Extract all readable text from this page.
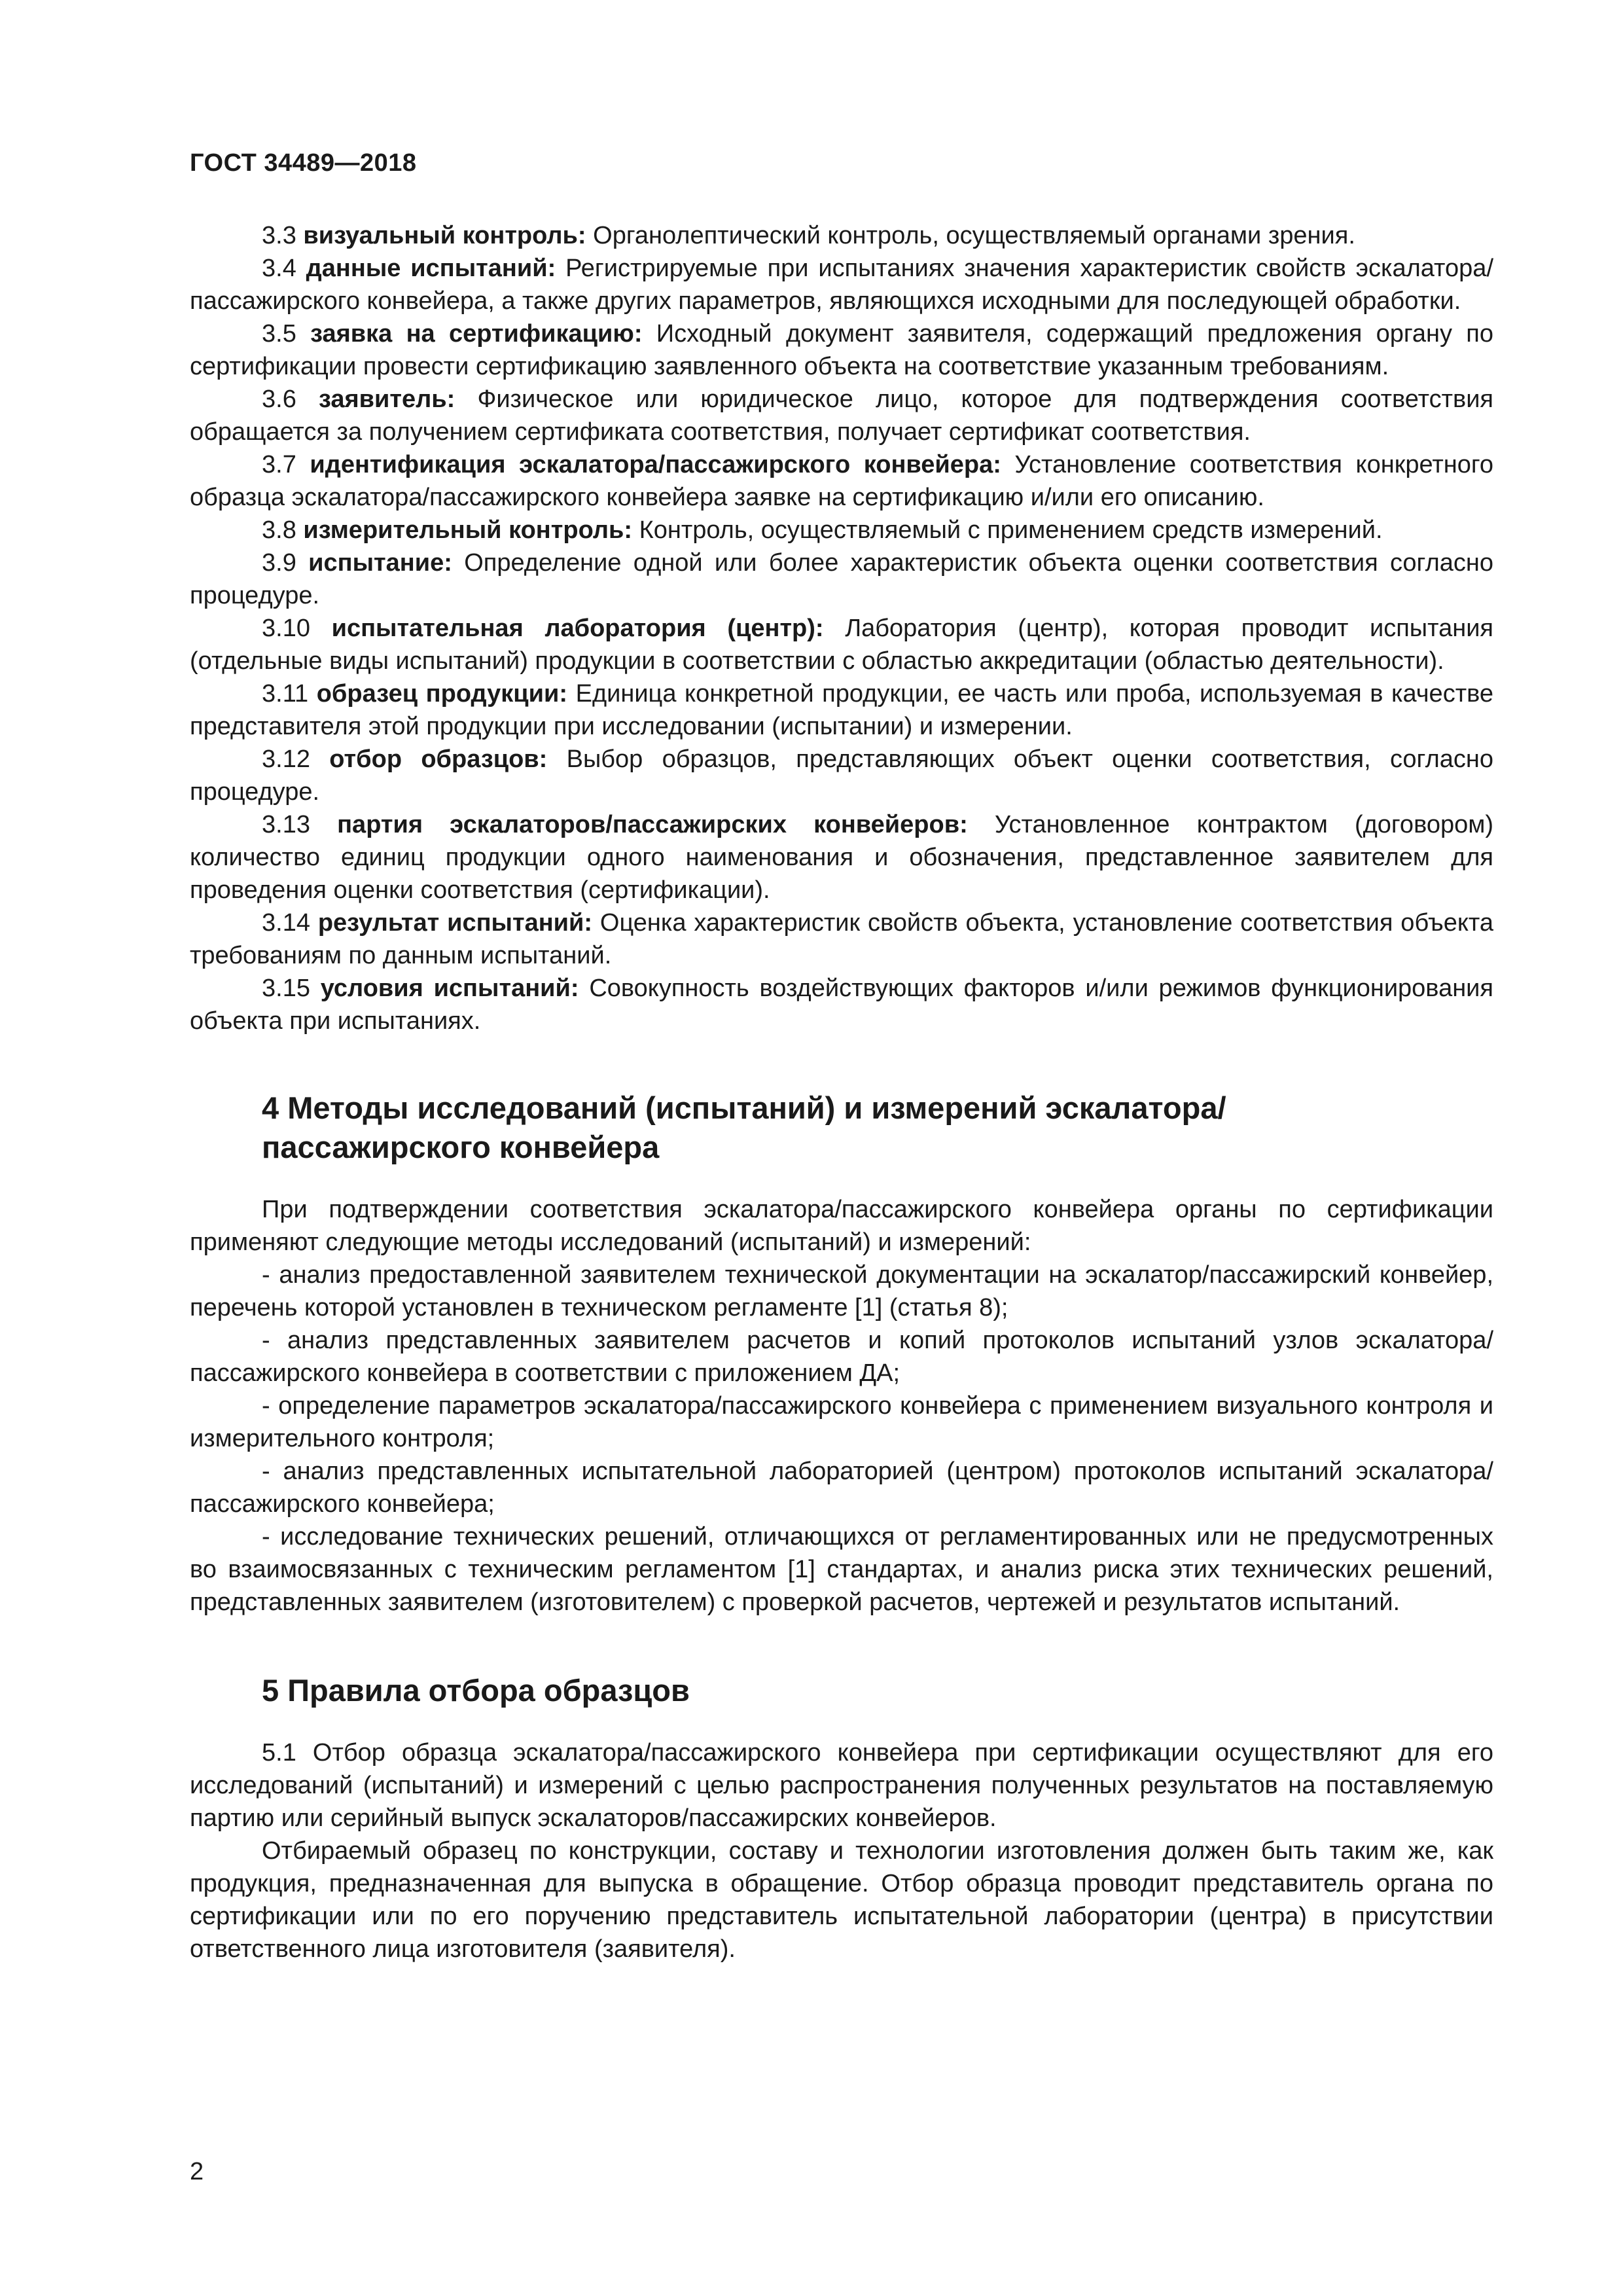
ГОСТ 34489—2018

3.3 визуальный контроль: Органолептический контроль, осуществляемый органами зрения.

3.4 данные испытаний: Регистрируемые при испытаниях значения характеристик свойств эскалатора/пассажирского конвейера, а также других параметров, являющихся исходными для последующей обработки.

3.5 заявка на сертификацию: Исходный документ заявителя, содержащий предложения органу по сертификации провести сертификацию заявленного объекта на соответствие указанным требованиям.

3.6 заявитель: Физическое или юридическое лицо, которое для подтверждения соответствия обращается за получением сертификата соответствия, получает сертификат соответствия.

3.7 идентификация эскалатора/пассажирского конвейера: Установление соответствия конкретного образца эскалатора/пассажирского конвейера заявке на сертификацию и/или его описанию.

3.8 измерительный контроль: Контроль, осуществляемый с применением средств измерений.

3.9 испытание: Определение одной или более характеристик объекта оценки соответствия согласно процедуре.

3.10 испытательная лаборатория (центр): Лаборатория (центр), которая проводит испытания (отдельные виды испытаний) продукции в соответствии с областью аккредитации (областью деятельности).

3.11 образец продукции: Единица конкретной продукции, ее часть или проба, используемая в качестве представителя этой продукции при исследовании (испытании) и измерении.

3.12 отбор образцов: Выбор образцов, представляющих объект оценки соответствия, согласно процедуре.

3.13 партия эскалаторов/пассажирских конвейеров: Установленное контрактом (договором) количество единиц продукции одного наименования и обозначения, представленное заявителем для проведения оценки соответствия (сертификации).

3.14 результат испытаний: Оценка характеристик свойств объекта, установление соответствия объекта требованиям по данным испытаний.

3.15 условия испытаний: Совокупность воздействующих факторов и/или режимов функционирования объекта при испытаниях.

4 Методы исследований (испытаний) и измерений эскалатора/
пассажирского конвейера

При подтверждении соответствия эскалатора/пассажирского конвейера органы по сертификации применяют следующие методы исследований (испытаний) и измерений:

- анализ предоставленной заявителем технической документации на эскалатор/пассажирский конвейер, перечень которой установлен в техническом регламенте [1] (статья 8);

- анализ представленных заявителем расчетов и копий протоколов испытаний узлов эскалатора/пассажирского конвейера в соответствии с приложением ДА;

- определение параметров эскалатора/пассажирского конвейера с применением визуального контроля и измерительного контроля;

- анализ представленных испытательной лабораторией (центром) протоколов испытаний эскалатора/пассажирского конвейера;

- исследование технических решений, отличающихся от регламентированных или не предусмотренных во взаимосвязанных с техническим регламентом [1] стандартах, и анализ риска этих технических решений, представленных заявителем (изготовителем) с проверкой расчетов, чертежей и результатов испытаний.

5 Правила отбора образцов

5.1 Отбор образца эскалатора/пассажирского конвейера при сертификации осуществляют для его исследований (испытаний) и измерений с целью распространения полученных результатов на поставляемую партию или серийный выпуск эскалаторов/пассажирских конвейеров.

Отбираемый образец по конструкции, составу и технологии изготовления должен быть таким же, как продукция, предназначенная для выпуска в обращение. Отбор образца проводит представитель органа по сертификации или по его поручению представитель испытательной лаборатории (центра) в присутствии ответственного лица изготовителя (заявителя).

2
